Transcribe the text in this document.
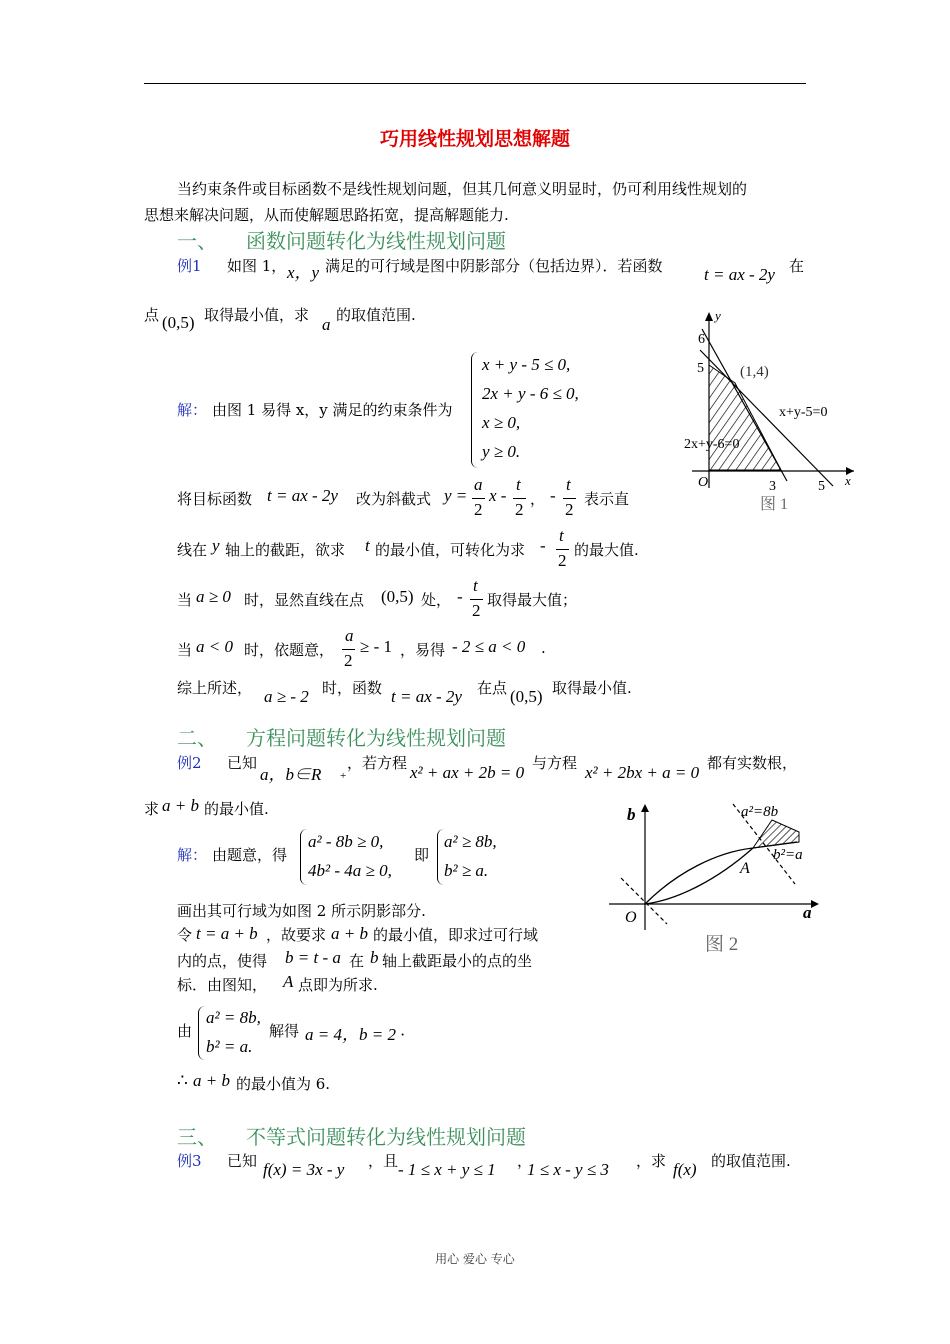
巧用线性规划思想解题
当约束条件或目标函数不是线性规划问题，但其几何意义明显时，仍可利用线性规划的
思想来解决问题，从而使解题思路拓宽，提高解题能力.
一、 函数问题转化为线性规划问题
例1 如图 1， x，y 满足的可行域是图中阴影部分（包括边界）．若函数 t = ax - 2y 在
点 (0,5) 取得最小值，求 a 的取值范围.	y
x
O
6
5
3	5
(1,4)
x+y-5=0
2x+y-6=0
图 1
解： 由图 1 易得 x，y 满足的约束条件为
x + y - 5 ≤ 0,
2x + y - 6 ≤ 0,
x ≥ 0,
y ≥ 0.
将目标函数 t = ax - 2y 改为斜截式 y =
a
2
x -
t
2
， -
t
2
表示直
线在 y 轴上的截距，欲求 t 的最小值，可转化为求 -
t
2
的最大值.
当 a ≥ 0 时，显然直线在点 (0,5) 处， -
t
2
取得最大值；
当 a < 0 时，依题意，
a
2
≥ - 1 ，易得 - 2 ≤ a < 0 .
综上所述， a ≥ - 2 时，函数 t = ax - 2y 在点 (0,5) 取得最小值.
二、 方程问题转化为线性规划问题
例2 已知
a，b∈R +
，若方程 x² + ax + 2b = 0 与方程 x² + 2bx + a = 0 都有实数根，
求 a + b 的最小值.	b
a
O
A
a²=8b
b²=a
图 2
解： 由题意，得
a² - 8b ≥ 0,
4b² - 4a ≥ 0,
即
a² ≥ 8b,
b² ≥ a.
画出其可行域为如图 2 所示阴影部分.
令 t = a + b ，故要求 a + b 的最小值，即求过可行域
内的点，使得 b = t - a 在 b 轴上截距最小的点的坐
标．由图知， A 点即为所求.
由
a² = 8b,
b² = a.
解得 a = 4，b = 2 ·
∴ a + b 的最小值为 6.
三、 不等式问题转化为线性规划问题
例3 已知 f(x) = 3x - y ，且 - 1 ≤ x + y ≤ 1 ，
1 ≤ x - y ≤ 3 ，求 f(x) 的取值范围.
用心 爱心 专心
